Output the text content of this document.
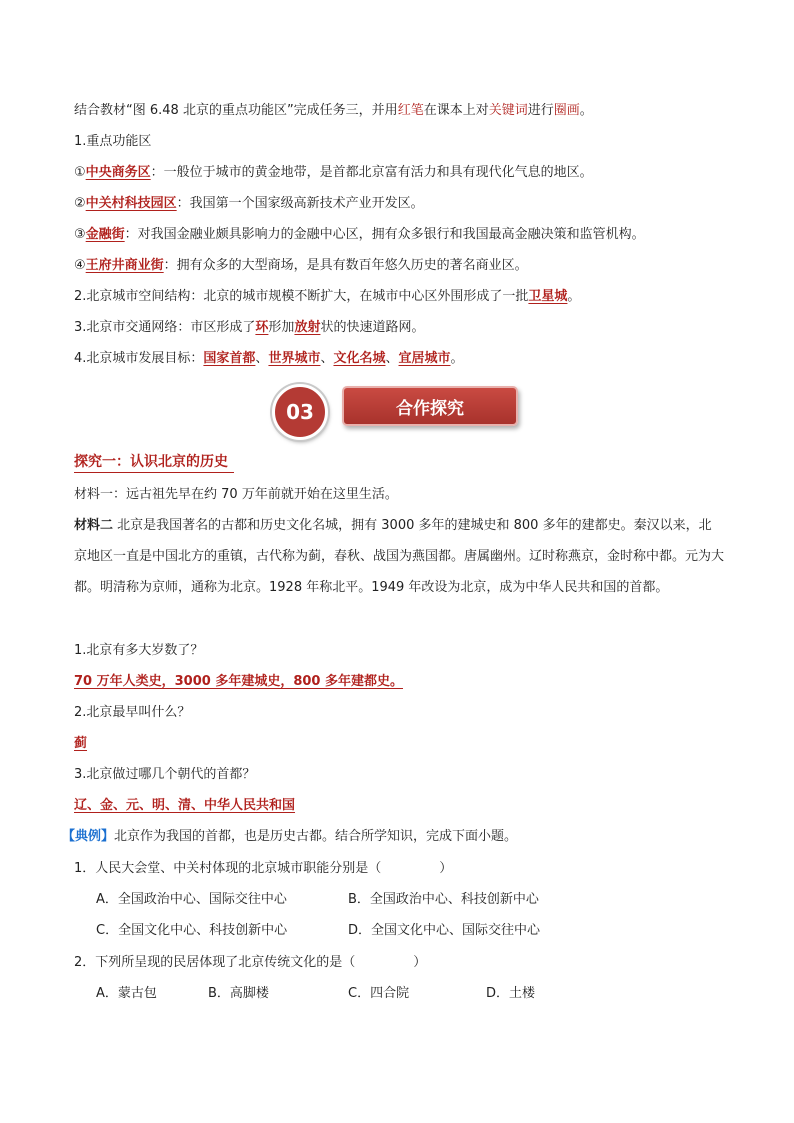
结合教材“图 6.48 北京的重点功能区”完成任务三，并用红笔在课本上对关键词进行圈画。
1.重点功能区
①中央商务区：一般位于城市的黄金地带，是首都北京富有活力和具有现代化气息的地区。
②中关村科技园区：我国第一个国家级高新技术产业开发区。
③金融街：对我国金融业颇具影响力的金融中心区，拥有众多银行和我国最高金融决策和监管机构。
④王府井商业街：拥有众多的大型商场，是具有数百年悠久历史的著名商业区。
2.北京城市空间结构：北京的城市规模不断扩大，在城市中心区外围形成了一批卫星城。
3.北京市交通网络：市区形成了环形加放射状的快速道路网。
4.北京城市发展目标：国家首都、世界城市、文化名城、宜居城市。
03	合作探究
探究一：认识北京的历史
材料一：远古祖先早在约 70 万年前就开始在这里生活。
材料二 北京是我国著名的古都和历史文化名城，拥有 3000 多年的建城史和 800 多年的建都史。秦汉以来，北京地区一直是中国北方的重镇，古代称为蓟，春秋、战国为燕国都。唐属幽州。辽时称燕京，金时称中都。元为大都。明清称为京师，通称为北京。1928 年称北平。1949 年改设为北京，成为中华人民共和国的首都。
1.北京有多大岁数了？
70 万年人类史，3000 多年建城史，800 多年建都史。
2.北京最早叫什么？
蓟
3.北京做过哪几个朝代的首都？
辽、金、元、明、清、中华人民共和国
【典例】北京作为我国的首都，也是历史古都。结合所学知识，完成下面小题。
1．人民大会堂、中关村体现的北京城市职能分别是（	）
A．全国政治中心、国际交往中心	B．全国政治中心、科技创新中心
C．全国文化中心、科技创新中心	D．全国文化中心、国际交往中心
2．下列所呈现的民居体现了北京传统文化的是（	）
A．蒙古包	B．高脚楼	C．四合院	D．土楼
